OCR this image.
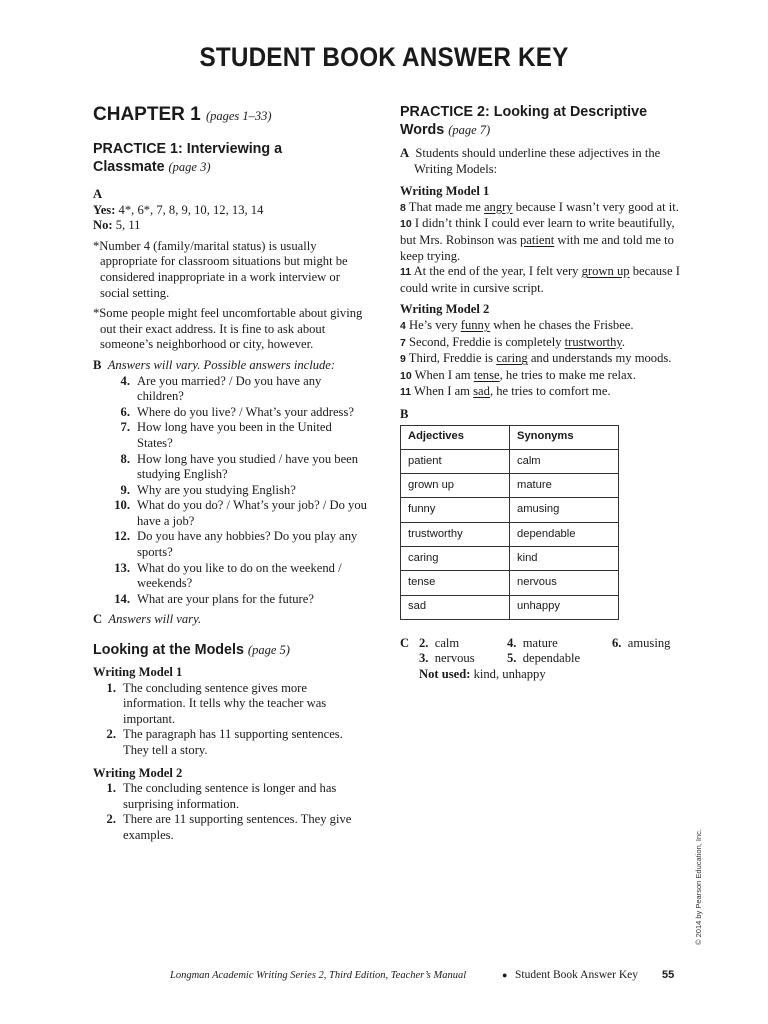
STUDENT BOOK ANSWER KEY

CHAPTER 1 (pages 1–33)

PRACTICE 1: Interviewing a
Classmate (page 3)

A

Yes: 4*, 6*, 7, 8, 9, 10, 12, 13, 14

No: 5, 11

*Number 4 (family/marital status) is usually appropriate for classroom situations but might be considered inappropriate in a work interview or social setting.

*Some people might feel uncomfortable about giving out their exact address. It is fine to ask about someone’s neighborhood or city, however.

B Answers will vary. Possible answers include:

4. Are you married? / Do you have any children?
6. Where do you live? / What’s your address?
7. How long have you been in the United States?
8. How long have you studied / have you been studying English?
9. Why are you studying English?
10. What do you do? / What’s your job? / Do you have a job?
12. Do you have any hobbies? Do you play any sports?
13. What do you like to do on the weekend / weekends?
14. What are your plans for the future?

C Answers will vary.

Looking at the Models (page 5)

Writing Model 1

1. The concluding sentence gives more information. It tells why the teacher was important.
2. The paragraph has 11 supporting sentences. They tell a story.

Writing Model 2

1. The concluding sentence is longer and has surprising information.
2. There are 11 supporting sentences. They give examples.

PRACTICE 2: Looking at Descriptive
Words (page 7)

A Students should underline these adjectives in the Writing Models:

Writing Model 1

8 That made me angry because I wasn’t very good at it.

10 I didn’t think I could ever learn to write beautifully, but Mrs. Robinson was patient with me and told me to keep trying.

11 At the end of the year, I felt very grown up because I could write in cursive script.

Writing Model 2

4 He’s very funny when he chases the Frisbee.

7 Second, Freddie is completely trustworthy.

9 Third, Freddie is caring and understands my moods.

10 When I am tense, he tries to make me relax.

11 When I am sad, he tries to comfort me.

B

Adjectives	Synonyms
patient	calm
grown up	mature
funny	amusing
trustworthy	dependable
caring	kind
tense	nervous
sad	unhappy
C 2. calm	4. mature	6. amusing
3. nervous	5. dependable
Not used: kind, unhappy
© 2014 by Pearson Education, Inc.
Longman Academic Writing Series 2, Third Edition, Teacher’s Manual	● Student Book Answer Key 55
